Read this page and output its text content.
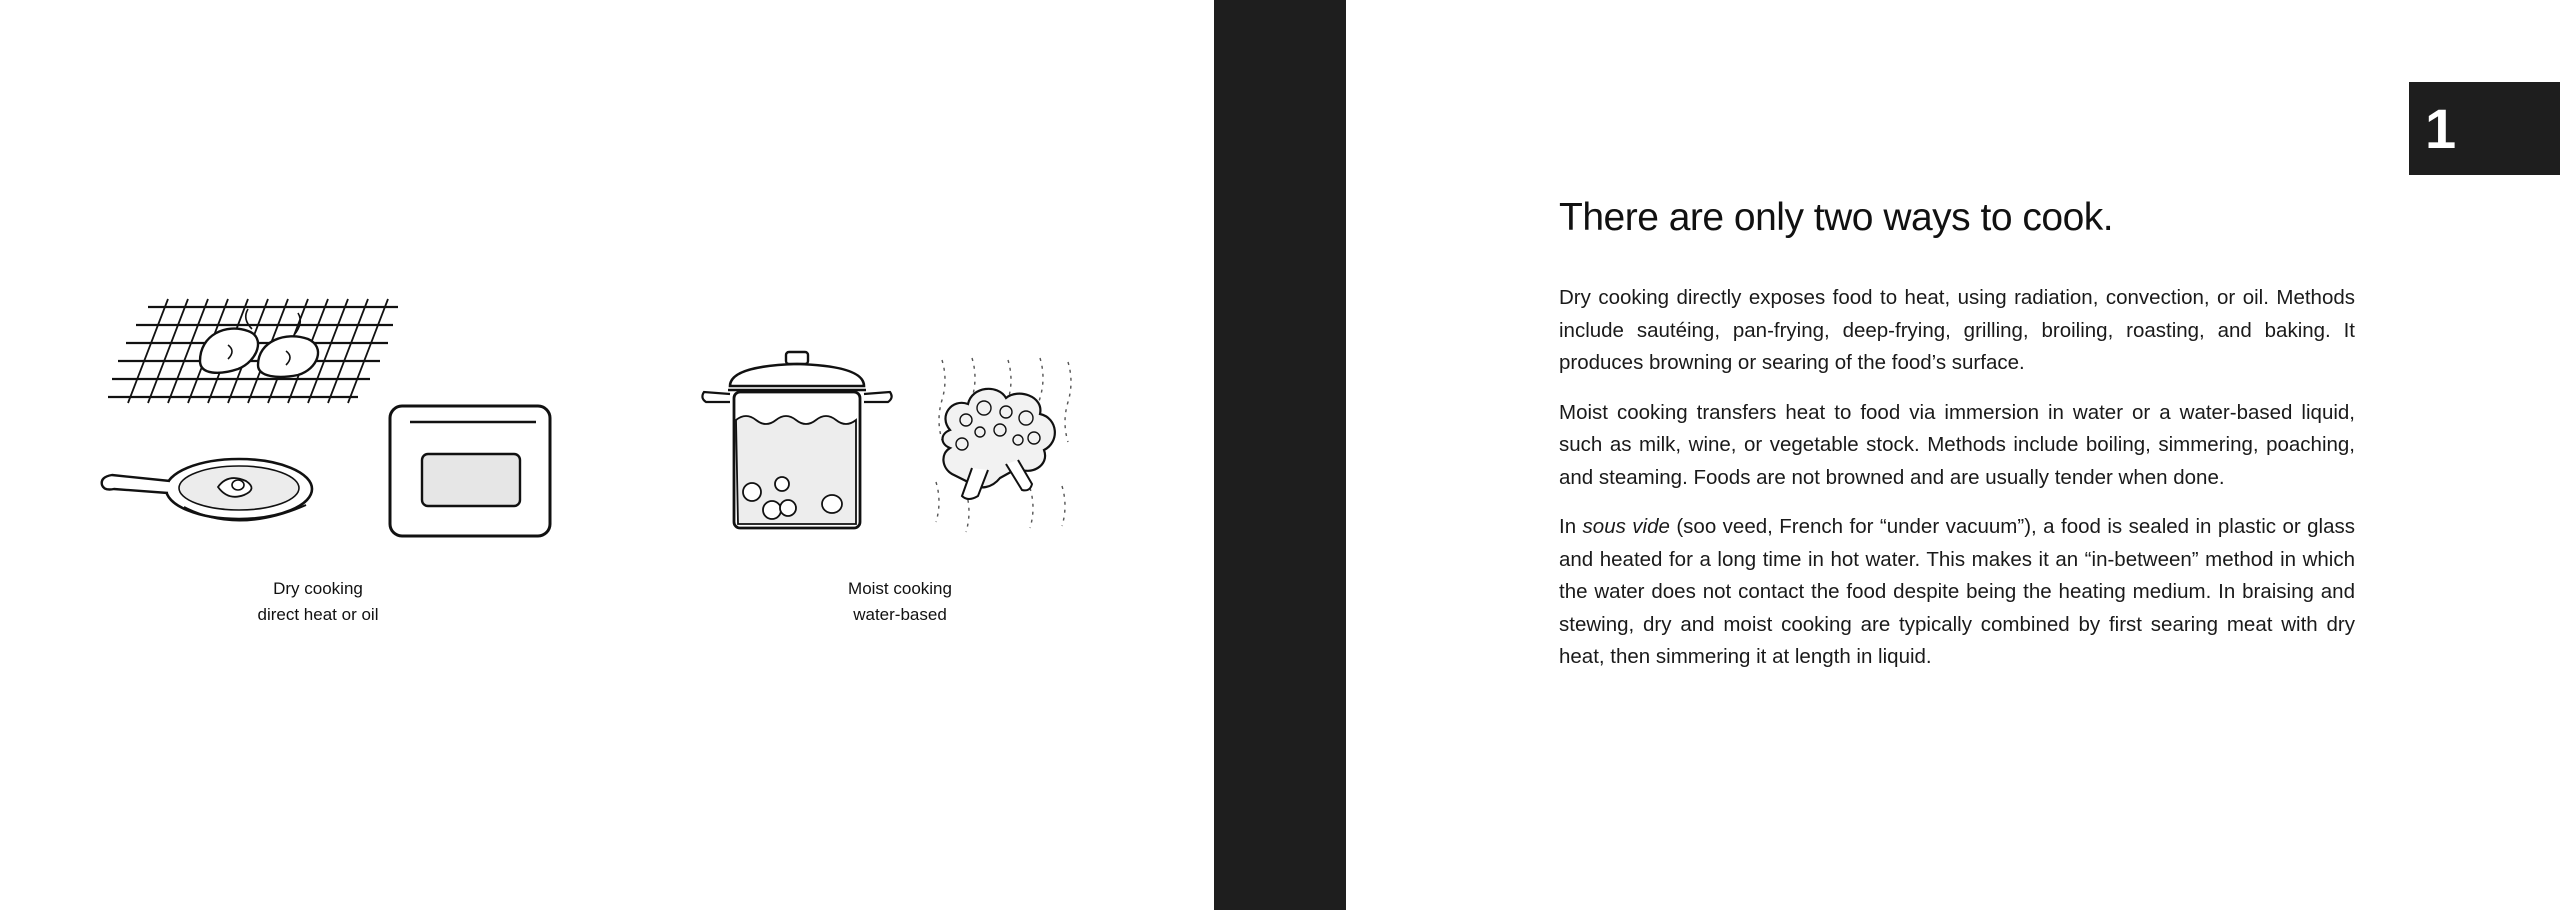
Dry cooking
direct heat or oil
Moist cooking
water-based
1
There are only two ways to cook.

Dry cooking directly exposes food to heat, using radiation, convection, or oil. Methods include sautéing, pan-frying, deep-frying, grilling, broiling, roasting, and baking. It produces browning or searing of the food’s surface.

Moist cooking transfers heat to food via immersion in water or a water-based liquid, such as milk, wine, or vegetable stock. Methods include boiling, simmering, poaching, and steaming. Foods are not browned and are usually tender when done.

In sous vide (soo veed, French for “under vacuum”), a food is sealed in plastic or glass and heated for a long time in hot water. This makes it an “in-between” method in which the water does not contact the food despite being the heating medium. In braising and stewing, dry and moist cooking are typically combined by first searing meat with dry heat, then simmering it at length in liquid.
